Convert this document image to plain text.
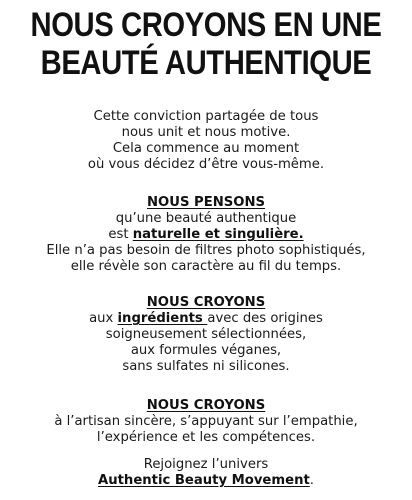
NOUS CROYONS EN UNE
BEAUTÉ AUTHENTIQUE
Cette conviction partagée de tous
nous unit et nous motive.
Cela commence au moment
où vous décidez d’être vous-même.
NOUS PENSONS
qu’une beauté authentique
est naturelle et singulière.
Elle n’a pas besoin de filtres photo sophistiqués,
elle révèle son caractère au fil du temps.
NOUS CROYONS
aux ingrédients avec des origines
soigneusement sélectionnées,
aux formules véganes,
sans sulfates ni silicones.
NOUS CROYONS
à l’artisan sincère, s’appuyant sur l’empathie,
l’expérience et les compétences.
Rejoignez l’univers
Authentic Beauty Movement.
